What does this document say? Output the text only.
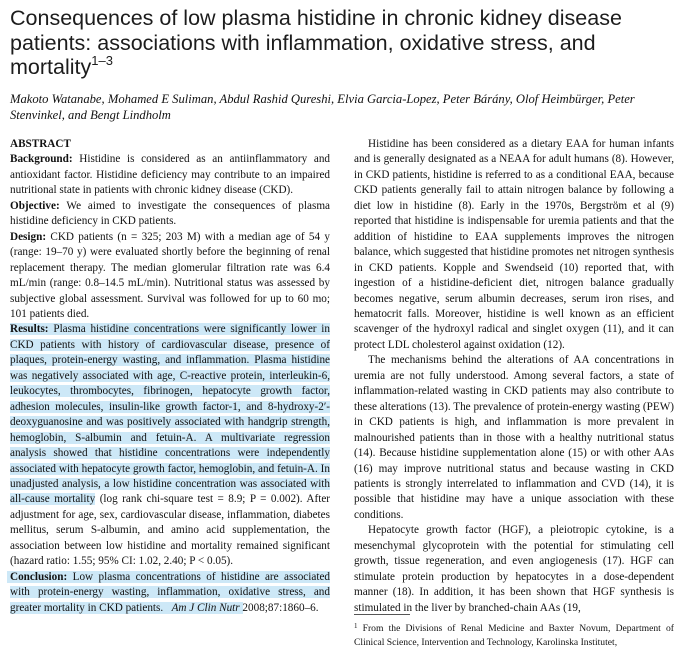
Consequences of low plasma histidine in chronic kidney disease patients: associations with inflammation, oxidative stress, and mortality$^{1-3}$

Makoto Watanabe, Mohamed E Suliman, Abdul Rashid Qureshi, Elvia Garcia-Lopez, Peter Bárány, Olof Heimbürger, Peter Stenvinkel, and Bengt Lindholm

ABSTRACT

Background: Histidine is considered as an antiinflammatory and antioxidant factor. Histidine deficiency may contribute to an impaired nutritional state in patients with chronic kidney disease (CKD).

Objective: We aimed to investigate the consequences of plasma histidine deficiency in CKD patients.

Design: CKD patients (n = 325; 203 M) with a median age of 54 y (range: 19–70 y) were evaluated shortly before the beginning of renal replacement therapy. The median glomerular filtration rate was 6.4 mL/min (range: 0.8–14.5 mL/min). Nutritional status was assessed by subjective global assessment. Survival was followed for up to 60 mo; 101 patients died.

Results: Plasma histidine concentrations were significantly lower in CKD patients with history of cardiovascular disease, presence of plaques, protein-energy wasting, and inflammation. Plasma histidine was negatively associated with age, C-reactive protein, interleukin-6, leukocytes, thrombocytes, fibrinogen, hepatocyte growth factor, adhesion molecules, insulin-like growth factor-1, and 8-hydroxy-2′-deoxyguanosine and was positively associated with handgrip strength, hemoglobin, S-albumin and fetuin-A. A multivariate regression analysis showed that histidine concentrations were independently associated with hepatocyte growth factor, hemoglobin, and fetuin-A. In unadjusted analysis, a low histidine concentration was associated with all-cause mortality (log rank chi-square test = 8.9; P = 0.002). After adjustment for age, sex, cardiovascular disease, inflammation, diabetes mellitus, serum S-albumin, and amino acid supplementation, the association between low histidine and mortality remained significant (hazard ratio: 1.55; 95% CI: 1.02, 2.40; P < 0.05).

Conclusion: Low plasma concentrations of histidine are associated with protein-energy wasting, inflammation, oxidative stress, and greater mortality in CKD patients. Am J Clin Nutr 2008;87:1860–6.

Histidine has been considered as a dietary EAA for human infants and is generally designated as a NEAA for adult humans (8). However, in CKD patients, histidine is referred to as a conditional EAA, because CKD patients generally fail to attain nitrogen balance by following a diet low in histidine (8). Early in the 1970s, Bergström et al (9) reported that histidine is indispensable for uremia patients and that the addition of histidine to EAA supplements improves the nitrogen balance, which suggested that histidine promotes net nitrogen synthesis in CKD patients. Kopple and Swendseid (10) reported that, with ingestion of a histidine-deficient diet, nitrogen balance gradually becomes negative, serum albumin decreases, serum iron rises, and hematocrit falls. Moreover, histidine is well known as an efficient scavenger of the hydroxyl radical and singlet oxygen (11), and it can protect LDL cholesterol against oxidation (12).

The mechanisms behind the alterations of AA concentrations in uremia are not fully understood. Among several factors, a state of inflammation-related wasting in CKD patients may also contribute to these alterations (13). The prevalence of protein-energy wasting (PEW) in CKD patients is high, and inflammation is more prevalent in malnourished patients than in those with a healthy nutritional status (14). Because histidine supplementation alone (15) or with other AAs (16) may improve nutritional status and because wasting in CKD patients is strongly interrelated to inflammation and CVD (14), it is possible that histidine may have a unique association with these conditions.

Hepatocyte growth factor (HGF), a pleiotropic cytokine, is a mesenchymal glycoprotein with the potential for stimulating cell growth, tissue regeneration, and even angiogenesis (17). HGF can stimulate protein production by hepatocytes in a dose-dependent manner (18). In addition, it has been shown that HGF synthesis is stimulated in the liver by branched-chain AAs (19,

$^1$ From the Divisions of Renal Medicine and Baxter Novum, Department of Clinical Science, Intervention and Technology, Karolinska Institutet,
